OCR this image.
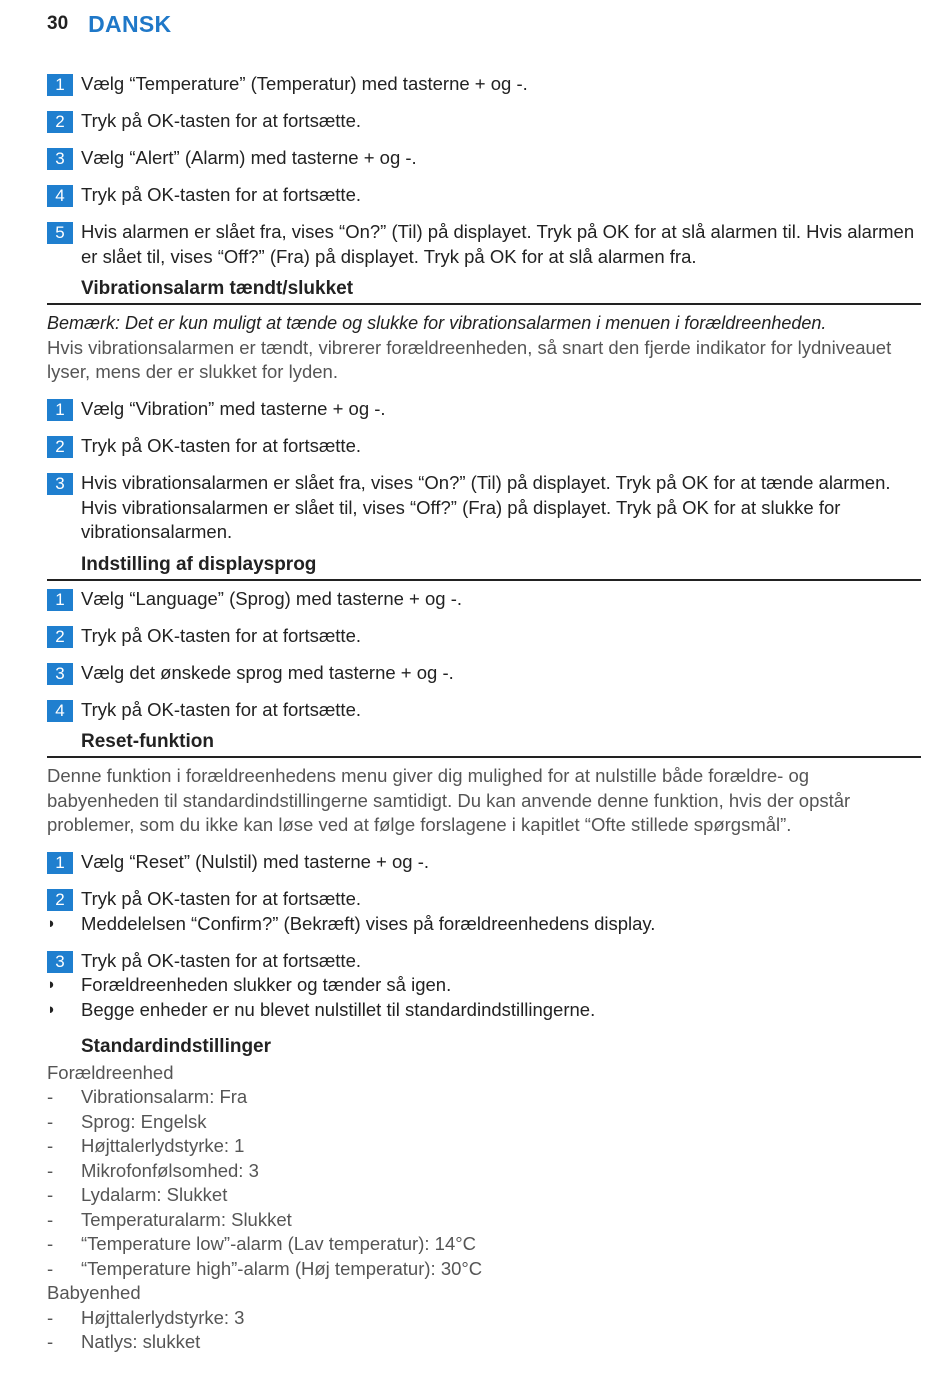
30 DANSK
1 Vælg “Temperature” (Temperatur) med tasterne + og -.
2 Tryk på OK-tasten for at fortsætte.
3 Vælg “Alert” (Alarm) med tasterne + og -.
4 Tryk på OK-tasten for at fortsætte.
5 Hvis alarmen er slået fra, vises “On?” (Til) på displayet. Tryk på OK for at slå alarmen til. Hvis alarmen er slået til, vises “Off?” (Fra) på displayet. Tryk på OK for at slå alarmen fra.
Vibrationsalarm tændt/slukket
Bemærk: Det er kun muligt at tænde og slukke for vibrationsalarmen i menuen i forældreenheden.
Hvis vibrationsalarmen er tændt, vibrerer forældreenheden, så snart den fjerde indikator for lydniveauet lyser, mens der er slukket for lyden.
1 Vælg “Vibration” med tasterne + og -.
2 Tryk på OK-tasten for at fortsætte.
3 Hvis vibrationsalarmen er slået fra, vises “On?” (Til) på displayet. Tryk på OK for at tænde alarmen. Hvis vibrationsalarmen er slået til, vises “Off?” (Fra) på displayet. Tryk på OK for at slukke for vibrationsalarmen.
Indstilling af displaysprog
1 Vælg “Language” (Sprog) med tasterne + og -.
2 Tryk på OK-tasten for at fortsætte.
3 Vælg det ønskede sprog med tasterne + og -.
4 Tryk på OK-tasten for at fortsætte.
Reset-funktion
Denne funktion i forældreenhedens menu giver dig mulighed for at nulstille både forældre- og babyenheden til standardindstillingerne samtidigt. Du kan anvende denne funktion, hvis der opstår problemer, som du ikke kan løse ved at følge forslagene i kapitlet “Ofte stillede spørgsmål”.
1 Vælg “Reset” (Nulstil) med tasterne + og -.
2 Tryk på OK-tasten for at fortsætte.
◗	Meddelelsen “Confirm?” (Bekræft) vises på forældreenhedens display.
3 Tryk på OK-tasten for at fortsætte.
◗	Forældreenheden slukker og tænder så igen.
◗	Begge enheder er nu blevet nulstillet til standardindstillingerne.
Standardindstillinger
Forældreenhed
-	Vibrationsalarm: Fra
-	Sprog: Engelsk
-	Højttalerlydstyrke: 1
-	Mikrofonfølsomhed: 3
-	Lydalarm: Slukket
-	Temperaturalarm: Slukket
-	“Temperature low”-alarm (Lav temperatur): 14°C
-	“Temperature high”-alarm (Høj temperatur): 30°C
Babyenhed
-	Højttalerlydstyrke: 3
-	Natlys: slukket
